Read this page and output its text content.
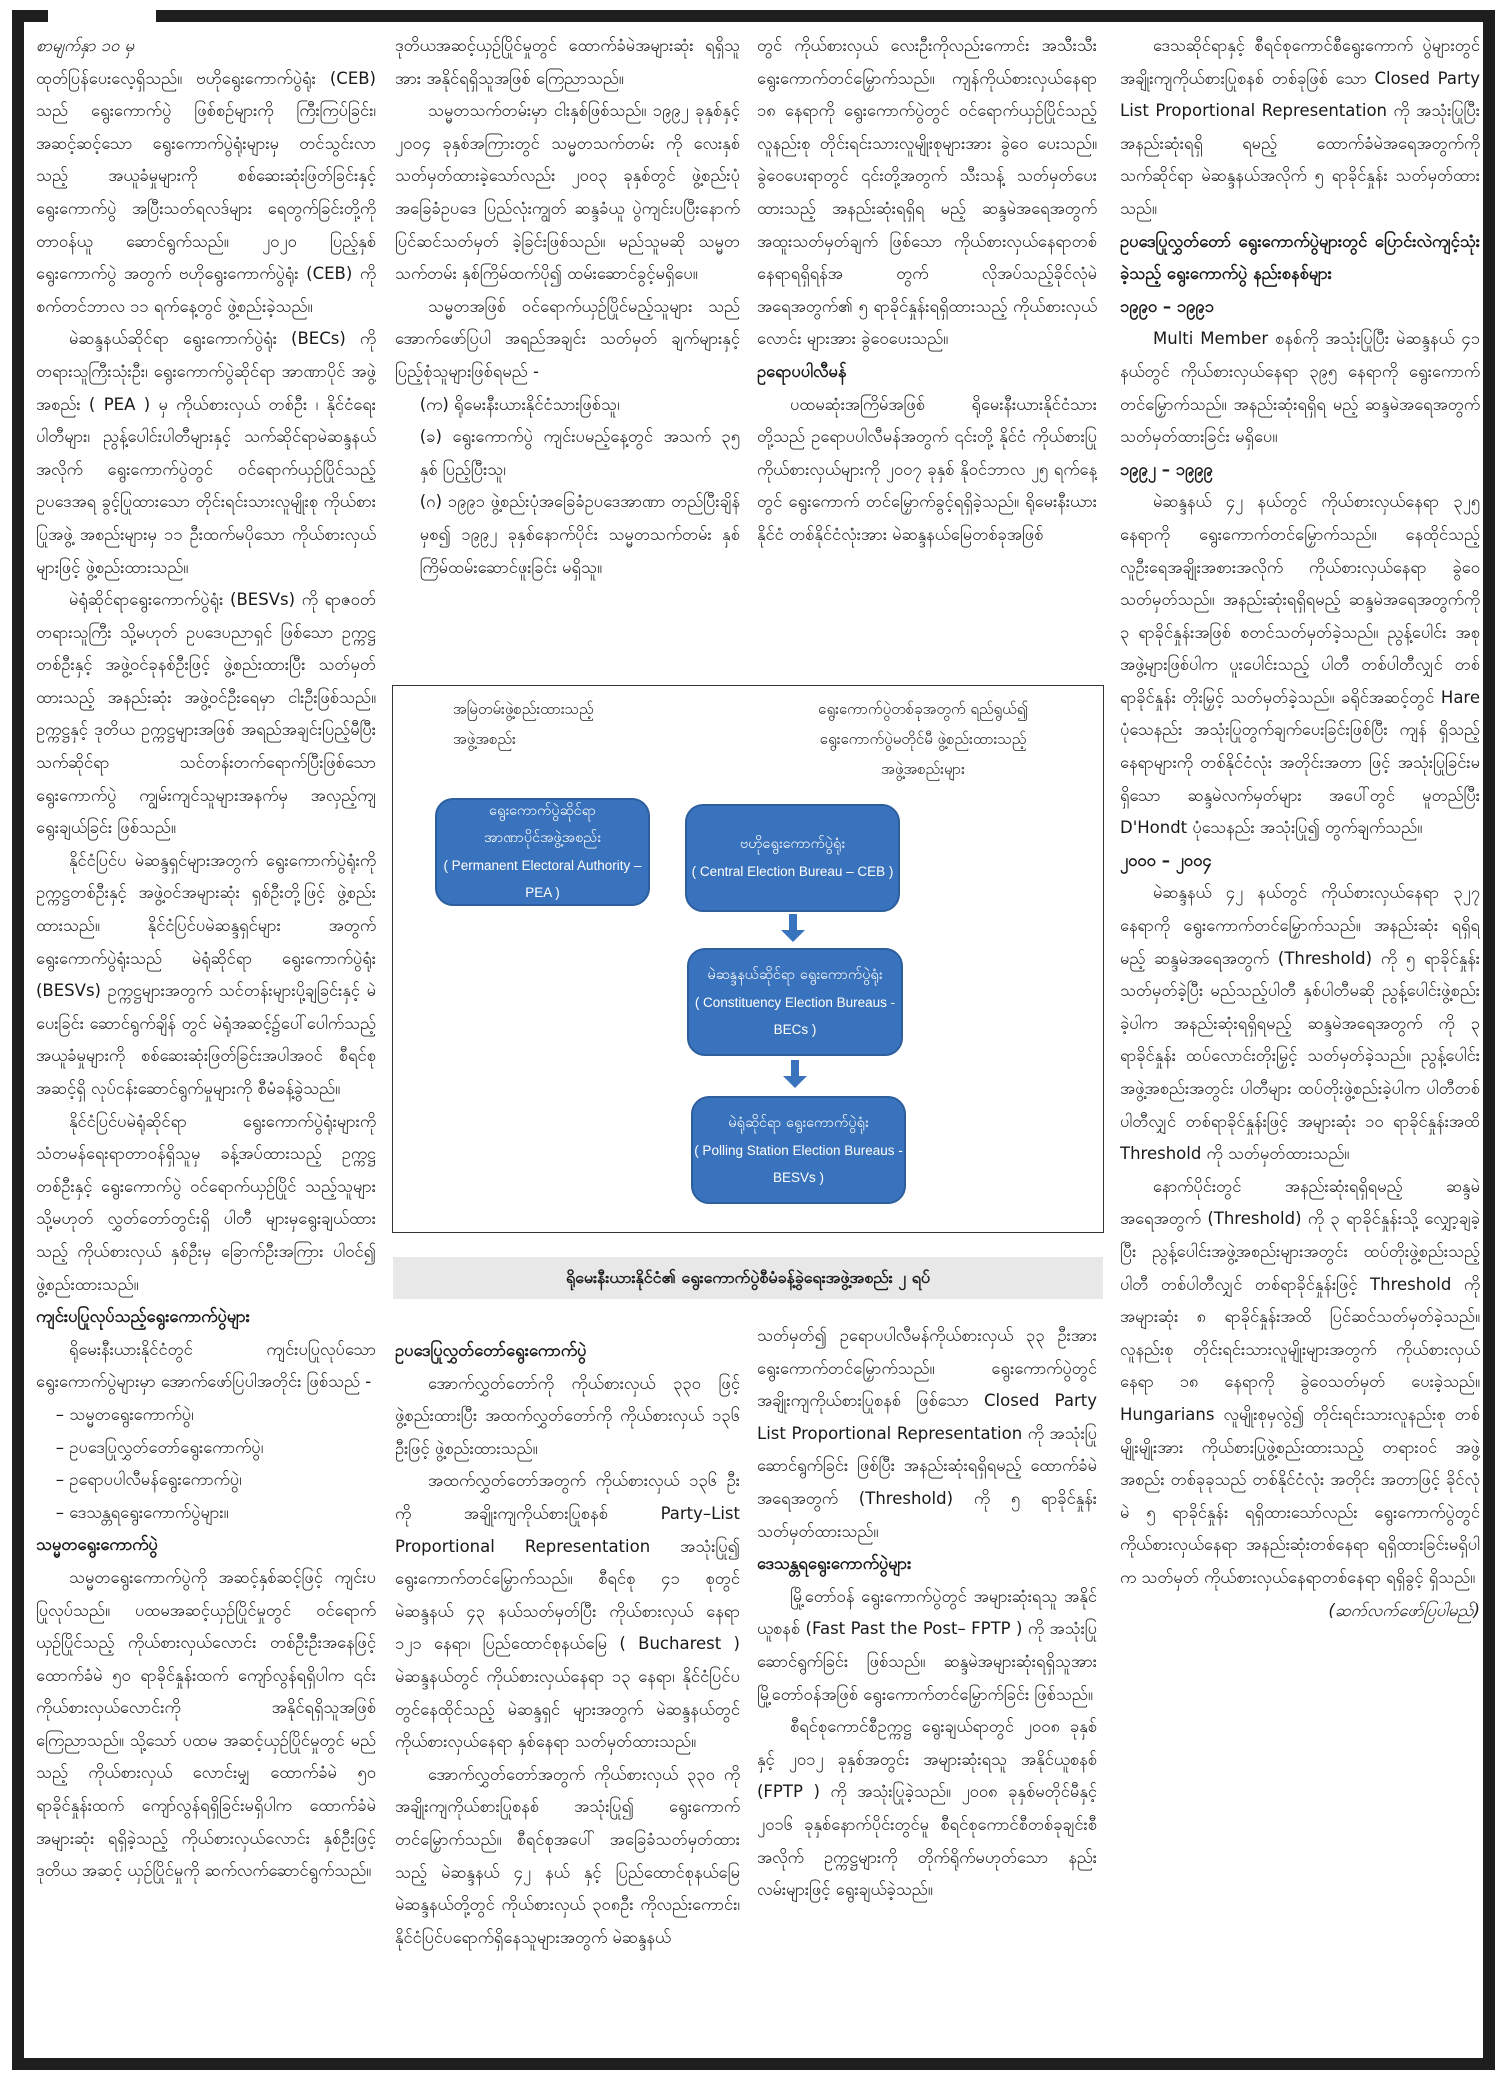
စာမျက်နှာ ၁၀ မှ

ထုတ်ပြန်ပေးလေ့ရှိသည်။ ဗဟိုရွေးကောက်ပွဲရုံး (CEB) သည် ရွေးကောက်ပွဲ ဖြစ်စဉ်များကို ကြီးကြပ်ခြင်း၊ အဆင့်ဆင့်သော ရွေးကောက်ပွဲရုံးများမှ တင်သွင်းလာသည့် အယူခံမှုများကို စစ်ဆေးဆုံးဖြတ်ခြင်းနှင့် ရွေးကောက်ပွဲ အပြီးသတ်ရလဒ်များ ရေတွက်ခြင်းတို့ကို တာဝန်ယူ ဆောင်ရွက်သည်။ ၂၀၂၀ ပြည့်နှစ် ရွေးကောက်ပွဲ အတွက် ဗဟိုရွေးကောက်ပွဲရုံး (CEB) ကို စက်တင်ဘာလ ၁၁ ရက်နေ့တွင် ဖွဲ့စည်းခဲ့သည်။

မဲဆန္ဒနယ်ဆိုင်ရာ ရွေးကောက်ပွဲရုံး (BECs) ကို တရားသူကြီးသုံးဦး၊ ရွေးကောက်ပွဲဆိုင်ရာ အာဏာပိုင် အဖွဲ့အစည်း ( PEA ) မှ ကိုယ်စားလှယ် တစ်ဦး ၊ နိုင်ငံရေးပါတီများ၊ ညွန့်ပေါင်းပါတီများနှင့် သက်ဆိုင်ရာမဲဆန္ဒနယ်အလိုက် ရွေးကောက်ပွဲတွင် ဝင်ရောက်ယှဉ်ပြိုင်သည့် ဥပဒေအရ ခွင့်ပြုထားသော တိုင်းရင်းသားလူမျိုးစု ကိုယ်စားပြုအဖွဲ့ အစည်းများမှ ၁၁ ဦးထက်မပိုသော ကိုယ်စားလှယ် များဖြင့် ဖွဲ့စည်းထားသည်။

မဲရုံဆိုင်ရာရွေးကောက်ပွဲရုံး (BESVs) ကို ရာဇဝတ်တရားသူကြီး သို့မဟုတ် ဥပဒေပညာရှင် ဖြစ်သော ဥက္ကဋ္ဌတစ်ဦးနှင့် အဖွဲ့ဝင်ခုနစ်ဦးဖြင့် ဖွဲ့စည်းထားပြီး သတ်မှတ်ထားသည့် အနည်းဆုံး အဖွဲ့ဝင်ဦးရေမှာ ငါးဦးဖြစ်သည်။ ဥက္ကဋ္ဌနှင့် ဒုတိယ ဥက္ကဋ္ဌများအဖြစ် အရည်အချင်းပြည့်မီပြီး သက်ဆိုင်ရာ သင်တန်းတက်ရောက်ပြီးဖြစ်သော ရွေးကောက်ပွဲ ကျွမ်းကျင်သူများအနက်မှ အလှည့်ကျရွေးချယ်ခြင်း ဖြစ်သည်။

နိုင်ငံပြင်ပ မဲဆန္ဒရှင်များအတွက် ရွေးကောက်ပွဲရုံးကို ဥက္ကဋ္ဌတစ်ဦးနှင့် အဖွဲ့ဝင်အများဆုံး ရှစ်ဦးတို့ဖြင့် ဖွဲ့စည်းထားသည်။ နိုင်ငံပြင်ပမဲဆန္ဒရှင်များ အတွက် ရွေးကောက်ပွဲရုံးသည် မဲရုံဆိုင်ရာ ရွေးကောက်ပွဲရုံး (BESVs) ဥက္ကဋ္ဌများအတွက် သင်တန်းများပို့ချခြင်းနှင့် မဲပေးခြင်း ဆောင်ရွက်ချိန် တွင် မဲရုံအဆင့်၌ပေါ်ပေါက်သည့် အယူခံမှုများကို စစ်ဆေးဆုံးဖြတ်ခြင်းအပါအဝင် စီရင်စုအဆင့်ရှိ လုပ်ငန်းဆောင်ရွက်မှုများကို စီမံခန့်ခွဲသည်။

နိုင်ငံပြင်ပမဲရုံဆိုင်ရာ ရွေးကောက်ပွဲရုံးများကို သံတမန်ရေးရာတာဝန်ရှိသူမှ ခန့်အပ်ထားသည့် ဥက္ကဋ္ဌ တစ်ဦးနှင့် ရွေးကောက်ပွဲ ဝင်ရောက်ယှဉ်ပြိုင် သည့်သူများ သို့မဟုတ် လွှတ်တော်တွင်းရှိ ပါတီ များမှရွေးချယ်ထားသည့် ကိုယ်စားလှယ် နှစ်ဦးမှ ခြောက်ဦးအကြား ပါဝင်၍ ဖွဲ့စည်းထားသည်။

ကျင်းပပြုလုပ်သည့်ရွေးကောက်ပွဲများ

ရိုမေးနီးယားနိုင်ငံတွင် ကျင်းပပြုလုပ်သော ရွေးကောက်ပွဲများမှာ အောက်ဖော်ပြပါအတိုင်း ဖြစ်သည် -

– သမ္မတရွေးကောက်ပွဲ၊
– ဥပဒေပြုလွှတ်တော်ရွေးကောက်ပွဲ၊
– ဥရောပပါလီမန်ရွေးကောက်ပွဲ၊
– ဒေသန္တရရွေးကောက်ပွဲများ။

သမ္မတရွေးကောက်ပွဲ

သမ္မတရွေးကောက်ပွဲကို အဆင့်နှစ်ဆင့်ဖြင့် ကျင်းပပြုလုပ်သည်။ ပထမအဆင့်ယှဉ်ပြိုင်မှုတွင် ဝင်ရောက်ယှဉ်ပြိုင်သည့် ကိုယ်စားလှယ်လောင်း တစ်ဦးဦးအနေဖြင့် ထောက်ခံမဲ ၅၀ ရာခိုင်နှုန်းထက် ကျော်လွန်ရရှိပါက ၎င်းကိုယ်စားလှယ်လောင်းကို အနိုင်ရရှိသူအဖြစ် ကြေညာသည်။ သို့သော် ပထမ အဆင့်ယှဉ်ပြိုင်မှုတွင် မည်သည့် ကိုယ်စားလှယ် လောင်းမျှ ထောက်ခံမဲ ၅၀ ရာခိုင်နှုန်းထက် ကျော်လွန်ရရှိခြင်းမရှိပါက ထောက်ခံမဲအများဆုံး ရရှိခဲ့သည့် ကိုယ်စားလှယ်လောင်း နှစ်ဦးဖြင့် ဒုတိယ အဆင့် ယှဉ်ပြိုင်မှုကို ဆက်လက်ဆောင်ရွက်သည်။

ဒုတိယအဆင့်ယှဉ်ပြိုင်မှုတွင် ထောက်ခံမဲအများဆုံး ရရှိသူအား အနိုင်ရရှိသူအဖြစ် ကြေညာသည်။

သမ္မတသက်တမ်းမှာ ငါးနှစ်ဖြစ်သည်။ ၁၉၉၂ ခုနှစ်နှင့် ၂၀၀၄ ခုနှစ်အကြားတွင် သမ္မတသက်တမ်း ကို လေးနှစ်သတ်မှတ်ထားခဲ့သော်လည်း ၂၀၀၃ ခုနှစ်တွင် ဖွဲ့စည်းပုံအခြေခံဥပဒေ ပြည်လုံးကျွတ် ဆန္ဒခံယူ ပွဲကျင်းပပြီးနောက် ပြင်ဆင်သတ်မှတ် ခဲ့ခြင်းဖြစ်သည်။ မည်သူမဆို သမ္မတသက်တမ်း နှစ်ကြိမ်ထက်ပို၍ ထမ်းဆောင်ခွင့်မရှိပေ။

သမ္မတအဖြစ် ဝင်ရောက်ယှဉ်ပြိုင်မည့်သူများ သည် အောက်ဖော်ပြပါ အရည်အချင်း သတ်မှတ် ချက်များနှင့် ပြည့်စုံသူများဖြစ်ရမည် -

(က) ရိုမေးနီးယားနိုင်ငံသားဖြစ်သူ၊

(ခ) ရွေးကောက်ပွဲ ကျင်းပမည့်နေ့တွင် အသက် ၃၅ နှစ် ပြည့်ပြီးသူ၊

(ဂ) ၁၉၉၁ ဖွဲ့စည်းပုံအခြေခံဥပဒေအာဏာ တည်ပြီးချိန်မှစ၍ ၁၉၉၂ ခုနှစ်နောက်ပိုင်း သမ္မတသက်တမ်း နှစ်ကြိမ်ထမ်းဆောင်ဖူးခြင်း မရှိသူ။

တွင် ကိုယ်စားလှယ် လေးဦးကိုလည်းကောင်း အသီးသီး ရွေးကောက်တင်မြှောက်သည်။ ကျန်ကိုယ်စားလှယ်နေရာ ၁၈ နေရာကို ရွေးကောက်ပွဲတွင် ဝင်ရောက်ယှဉ်ပြိုင်သည့် လူနည်းစု တိုင်းရင်းသားလူမျိုးစုများအား ခွဲဝေ ပေးသည်။ ခွဲဝေပေးရာတွင် ၎င်းတို့အတွက် သီးသန့် သတ်မှတ်ပေးထားသည့် အနည်းဆုံးရရှိရ မည့် ဆန္ဒမဲအရေအတွက် အထူးသတ်မှတ်ချက် ဖြစ်သော ကိုယ်စားလှယ်နေရာတစ်နေရာရရှိရန်အ တွက် လိုအပ်သည့်ခိုင်လုံမဲ အရေအတွက်၏ ၅ ရာခိုင်နှုန်းရရှိထားသည့် ကိုယ်စားလှယ်လောင်း များအား ခွဲဝေပေးသည်။

ဥရောပပါလီမန်

ပထမဆုံးအကြိမ်အဖြစ် ရိုမေးနီးယားနိုင်ငံသား တို့သည် ဥရောပပါလီမန်အတွက် ၎င်းတို့ နိုင်ငံ ကိုယ်စားပြု ကိုယ်စားလှယ်များကို ၂၀၀၇ ခုနှစ် နိုဝင်ဘာလ ၂၅ ရက်နေ့တွင် ရွေးကောက် တင်မြှောက်ခွင့်ရရှိခဲ့သည်။ ရိုမေးနီးယားနိုင်ငံ တစ်နိုင်ငံလုံးအား မဲဆန္ဒနယ်မြေတစ်ခုအဖြစ်

အမြဲတမ်းဖွဲ့စည်းထားသည့်
အဖွဲ့အစည်း
ရွေးကောက်ပွဲတစ်ခုအတွက် ရည်ရွယ်၍
ရွေးကောက်ပွဲမတိုင်မီ ဖွဲ့စည်းထားသည့်
အဖွဲ့အစည်းများ
ရွေးကောက်ပွဲဆိုင်ရာ
အာဏာပိုင်အဖွဲ့အစည်း
( Permanent Electoral Authority – PEA )
ဗဟိုရွေးကောက်ပွဲရုံး
( Central Election Bureau – CEB )
မဲဆန္ဒနယ်ဆိုင်ရာ ရွေးကောက်ပွဲရုံး
( Constituency Election Bureaus - BECs )
မဲရုံဆိုင်ရာ ရွေးကောက်ပွဲရုံး
( Polling Station Election Bureaus -
BESVs )
ရိုမေးနီးယားနိုင်ငံ၏ ရွေးကောက်ပွဲစီမံခန့်ခွဲရေးအဖွဲ့အစည်း ၂ ရပ်

ဥပဒေပြုလွှတ်တော်ရွေးကောက်ပွဲ

အောက်လွှတ်တော်ကို ကိုယ်စားလှယ် ၃၃၀ ဖြင့် ဖွဲ့စည်းထားပြီး အထက်လွှတ်တော်ကို ကိုယ်စားလှယ် ၁၃၆ ဦးဖြင့် ဖွဲ့စည်းထားသည်။

အထက်လွှတ်တော်အတွက် ကိုယ်စားလှယ် ၁၃၆ ဦးကို အချိုးကျကိုယ်စားပြုစနစ် Party–List Proportional Representation အသုံးပြု၍ ရွေးကောက်တင်မြှောက်သည်။ စီရင်စု ၄၁ စုတွင် မဲဆန္ဒနယ် ၄၃ နယ်သတ်မှတ်ပြီး ကိုယ်စားလှယ် နေရာ ၁၂၁ နေရာ၊ ပြည်ထောင်စုနယ်မြေ ( Bucharest ) မဲဆန္ဒနယ်တွင် ကိုယ်စားလှယ်နေရာ ၁၃ နေရာ၊ နိုင်ငံပြင်ပတွင်နေထိုင်သည့် မဲဆန္ဒရှင် များအတွက် မဲဆန္ဒနယ်တွင် ကိုယ်စားလှယ်နေရာ နှစ်နေရာ သတ်မှတ်ထားသည်။

အောက်လွှတ်တော်အတွက် ကိုယ်စားလှယ် ၃၃၀ ကို အချိုးကျကိုယ်စားပြုစနစ် အသုံးပြု၍ ရွေးကောက်တင်မြှောက်သည်။ စီရင်စုအပေါ် အခြေခံသတ်မှတ်ထားသည့် မဲဆန္ဒနယ် ၄၂ နယ် နှင့် ပြည်ထောင်စုနယ်မြေ မဲဆန္ဒနယ်တို့တွင် ကိုယ်စားလှယ် ၃၀၈ဦး ကိုလည်းကောင်း၊ နိုင်ငံပြင်ပရောက်ရှိနေသူများအတွက် မဲဆန္ဒနယ်

သတ်မှတ်၍ ဥရောပပါလီမန်ကိုယ်စားလှယ် ၃၃ ဦးအား ရွေးကောက်တင်မြှောက်သည်။ ရွေးကောက်ပွဲတွင် အချိုးကျကိုယ်စားပြုစနစ် ဖြစ်သော Closed Party List Proportional Representation ကို အသုံးပြုဆောင်ရွက်ခြင်း ဖြစ်ပြီး အနည်းဆုံးရရှိရမည့် ထောက်ခံမဲ အရေအတွက် (Threshold) ကို ၅ ရာခိုင်နှုန်း သတ်မှတ်ထားသည်။

ဒေသန္တရရွေးကောက်ပွဲများ

မြို့တော်ဝန် ရွေးကောက်ပွဲတွင် အများဆုံးရသူ အနိုင်ယူစနစ် (Fast Past the Post– FPTP ) ကို အသုံးပြုဆောင်ရွက်ခြင်း ဖြစ်သည်။ ဆန္ဒမဲအများဆုံးရရှိသူအား မြို့တော်ဝန်အဖြစ် ရွေးကောက်တင်မြှောက်ခြင်း ဖြစ်သည်။

စီရင်စုကောင်စီဥက္ကဋ္ဌ ရွေးချယ်ရာတွင် ၂၀၀၈ ခုနှစ်နှင့် ၂၀၁၂ ခုနှစ်အတွင်း အများဆုံးရသူ အနိုင်ယူစနစ် (FPTP ) ကို အသုံးပြုခဲ့သည်။ ၂၀၀၈ ခုနှစ်မတိုင်မီနှင့် ၂၀၁၆ ခုနှစ်နောက်ပိုင်းတွင်မူ စီရင်စုကောင်စီတစ်ခုချင်းစီအလိုက် ဥက္ကဋ္ဌများကို တိုက်ရိုက်မဟုတ်သော နည်းလမ်းများဖြင့် ရွေးချယ်ခဲ့သည်။

ဒေသဆိုင်ရာနှင့် စီရင်စုကောင်စီရွေးကောက် ပွဲများတွင် အချိုးကျကိုယ်စားပြုစနစ် တစ်ခုဖြစ် သော Closed Party List Proportional Representation ကို အသုံးပြုပြီး အနည်းဆုံးရရှိ ရမည့် ထောက်ခံမဲအရေအတွက်ကို သက်ဆိုင်ရာ မဲဆန္ဒနယ်အလိုက် ၅ ရာခိုင်နှုန်း သတ်မှတ်ထား သည်။

ဥပဒေပြုလွှတ်တော် ရွေးကောက်ပွဲများတွင် ပြောင်းလဲကျင့်သုံးခဲ့သည့် ရွေးကောက်ပွဲ နည်းစနစ်များ

၁၉၉၀ – ၁၉၉၁

Multi Member စနစ်ကို အသုံးပြုပြီး မဲဆန္ဒနယ် ၄၁ နယ်တွင် ကိုယ်စားလှယ်နေရာ ၃၉၅ နေရာကို ရွေးကောက်တင်မြှောက်သည်။ အနည်းဆုံးရရှိရ မည့် ဆန္ဒမဲအရေအတွက် သတ်မှတ်ထားခြင်း မရှိပေ။

၁၉၉၂ – ၁၉၉၉

မဲဆန္ဒနယ် ၄၂ နယ်တွင် ကိုယ်စားလှယ်နေရာ ၃၂၅ နေရာကို ရွေးကောက်တင်မြှောက်သည်။ နေထိုင်သည့် လူဦးရေအချိုးအစားအလိုက် ကိုယ်စားလှယ်နေရာ ခွဲဝေသတ်မှတ်သည်။ အနည်းဆုံးရရှိရမည့် ဆန္ဒမဲအရေအတွက်ကို ၃ ရာခိုင်နှုန်းအဖြစ် စတင်သတ်မှတ်ခဲ့သည်။ ညွန့်ပေါင်း အစုအဖွဲ့များဖြစ်ပါက ပူးပေါင်းသည့် ပါတီ တစ်ပါတီလျှင် တစ်ရာခိုင်နှုန်း တိုးမြှင့် သတ်မှတ်ခဲ့သည်။ ခရိုင်အဆင့်တွင် Hare ပုံသေနည်း အသုံးပြုတွက်ချက်ပေးခြင်းဖြစ်ပြီး ကျန် ရှိသည့်နေရာများကို တစ်နိုင်ငံလုံး အတိုင်းအတာ ဖြင့် အသုံးပြုခြင်းမရှိသော ဆန္ဒမဲလက်မှတ်များ အပေါ်တွင် မူတည်ပြီး D'Hondt ပုံသေနည်း အသုံးပြု၍ တွက်ချက်သည်။

၂၀၀၀ – ၂၀၀၄

မဲဆန္ဒနယ် ၄၂ နယ်တွင် ကိုယ်စားလှယ်နေရာ ၃၂၇ နေရာကို ရွေးကောက်တင်မြှောက်သည်။ အနည်းဆုံး ရရှိရမည့် ဆန္ဒမဲအရေအတွက် (Threshold) ကို ၅ ရာခိုင်နှုန်း သတ်မှတ်ခဲ့ပြီး မည်သည့်ပါတီ နှစ်ပါတီမဆို ညွန့်ပေါင်းဖွဲ့စည်း ခဲ့ပါက အနည်းဆုံးရရှိရမည့် ဆန္ဒမဲအရေအတွက် ကို ၃ ရာခိုင်နှုန်း ထပ်လောင်းတိုးမြှင့် သတ်မှတ်ခဲ့သည်။ ညွန့်ပေါင်းအဖွဲ့အစည်းအတွင်း ပါတီများ ထပ်တိုးဖွဲ့စည်းခဲ့ပါက ပါတီတစ်ပါတီလျှင် တစ်ရာခိုင်နှုန်းဖြင့် အများဆုံး ၁၀ ရာခိုင်နှုန်းအထိ Threshold ကို သတ်မှတ်ထားသည်။

နောက်ပိုင်းတွင် အနည်းဆုံးရရှိရမည့် ဆန္ဒမဲ အရေအတွက် (Threshold) ကို ၃ ရာခိုင်နှုန်းသို့ လျှော့ချခဲ့ပြီး ညွန့်ပေါင်းအဖွဲ့အစည်းများအတွင်း ထပ်တိုးဖွဲ့စည်းသည့် ပါတီ တစ်ပါတီလျှင် တစ်ရာခိုင်နှုန်းဖြင့် Threshold ကို အများဆုံး ၈ ရာခိုင်နှုန်းအထိ ပြင်ဆင်သတ်မှတ်ခဲ့သည်။ လူနည်းစု တိုင်းရင်းသားလူမျိုးများအတွက် ကိုယ်စားလှယ်နေရာ ၁၈ နေရာကို ခွဲဝေသတ်မှတ် ပေးခဲ့သည်။ Hungarians လူမျိုးစုမှလွဲ၍ တိုင်းရင်းသားလူနည်းစု တစ်မျိုးမျိုးအား ကိုယ်စားပြုဖွဲ့စည်းထားသည့် တရားဝင် အဖွဲ့အစည်း တစ်ခုခုသည် တစ်နိုင်ငံလုံး အတိုင်း အတာဖြင့် ခိုင်လုံမဲ ၅ ရာခိုင်နှုန်း ရရှိထားသော်လည်း ရွေးကောက်ပွဲတွင် ကိုယ်စားလှယ်နေရာ အနည်းဆုံးတစ်နေရာ ရရှိထားခြင်းမရှိပါက သတ်မှတ် ကိုယ်စားလှယ်နေရာတစ်နေရာ ရရှိခွင့် ရှိသည်။

(ဆက်လက်ဖော်ပြပါမည်)
